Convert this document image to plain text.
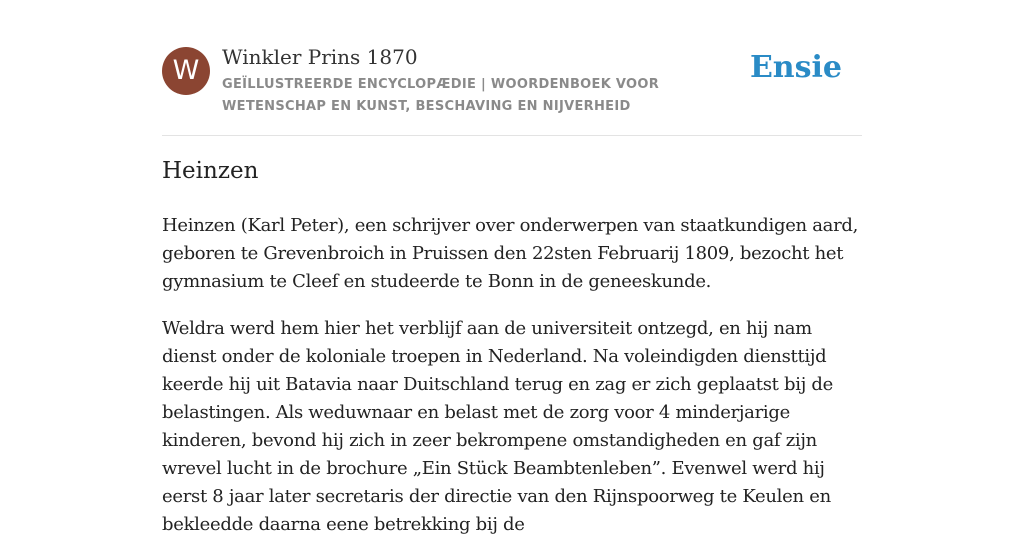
W	Winkler Prins 1870
GEÏLLUSTREERDE ENCYCLOPÆDIE | WOORDENBOEK VOOR WETENSCHAP EN KUNST, BESCHAVING EN NIJVERHEID
Ensie
Heinzen

Heinzen (Karl Peter), een schrijver over onderwerpen van staatkundigen aard, geboren te Grevenbroich in Pruissen den 22sten Februarij 1809, bezocht het gymnasium te Cleef en studeerde te Bonn in de geneeskunde.

Weldra werd hem hier het verblijf aan de universiteit ontzegd, en hij nam dienst onder de koloniale troepen in Nederland. Na voleindigden diensttijd keerde hij uit Batavia naar Duitschland terug en zag er zich geplaatst bij de belastingen. Als weduwnaar en belast met de zorg voor 4 minderjarige kinderen, bevond hij zich in zeer bekrompene omstandigheden en gaf zijn wrevel lucht in de brochure „Ein Stück Beambtenleben”. Evenwel werd hij eerst 8 jaar later secretaris der directie van den Rijnspoorweg te Keulen en bekleedde daarna eene betrekking bij de
